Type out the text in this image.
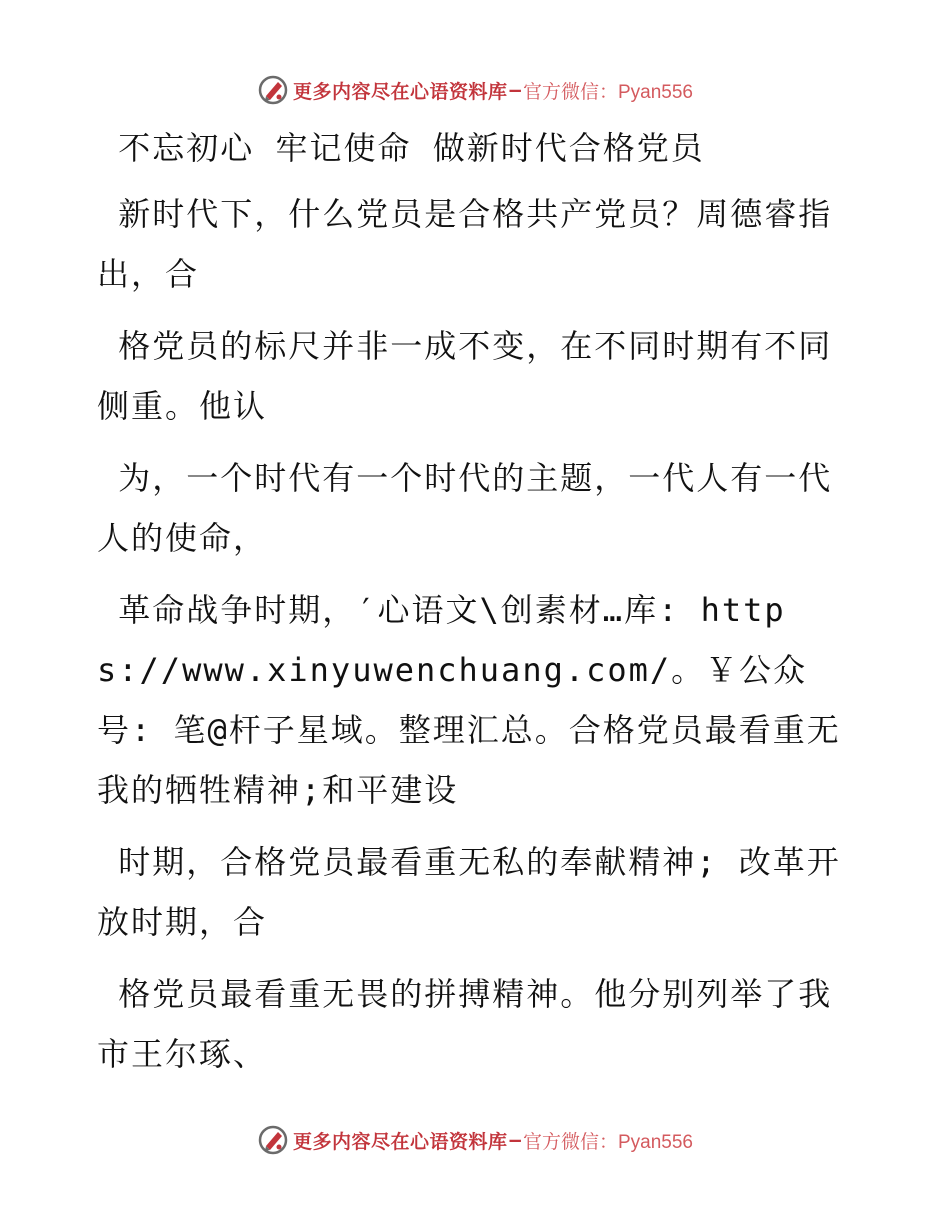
更多内容尽在心语资料库 — 官方微信：Pyan556

不忘初心 牢记使命 做新时代合格党员

新时代下，什么党员是合格共产党员？周德睿指出，合

格党员的标尺并非一成不变，在不同时期有不同侧重。他认

为，一个时代有一个时代的主题，一代人有一代人的使命，

革命战争时期，′心语文\创素材…库: https://www.xinyuwenchuang.com/。￥公众号: 笔@杆子星域。整理汇总。合格党员最看重无我的牺牲精神;和平建设

时期，合格党员最看重无私的奉献精神; 改革开放时期，合

格党员最看重无畏的拼搏精神。他分别列举了我市王尔琢、

更多内容尽在心语资料库 — 官方微信：Pyan556
